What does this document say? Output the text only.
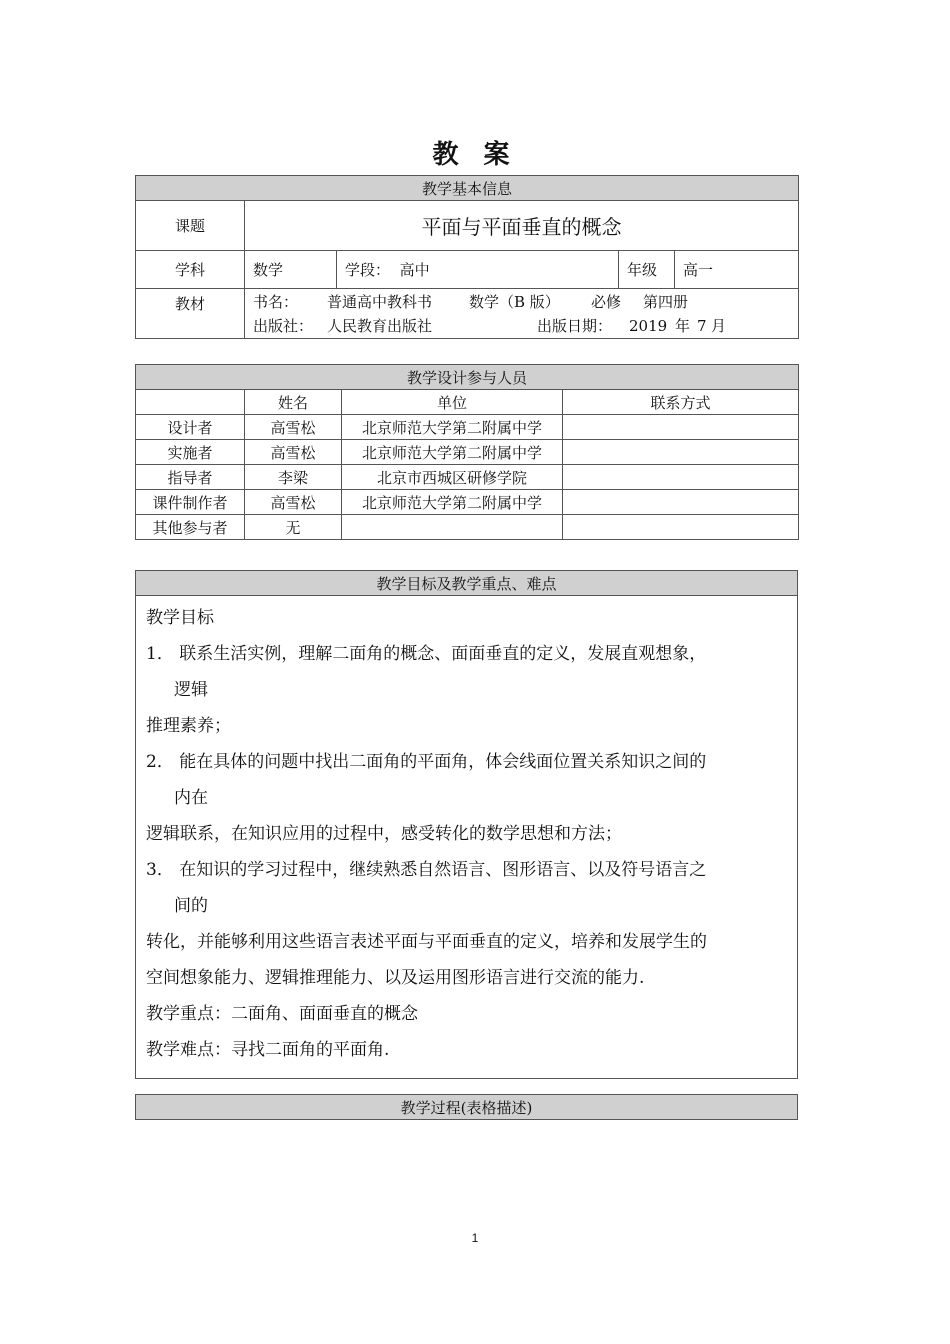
教 案
教学基本信息				
课题	平面与平面垂直的概念			
学科	数学	学段： 高中	年级	高一
教材	书名： 普通高中教科书 数学（B 版） 必修 第四册
出版社： 人民教育出版社 出版日期： 2019 年 7 月			
教学设计参与人员			
	姓名	单位	联系方式
设计者	高雪松	北京师范大学第二附属中学	
实施者	高雪松	北京师范大学第二附属中学	
指导者	李梁	北京市西城区研修学院	
课件制作者	高雪松	北京师范大学第二附属中学	
其他参与者	无		
教学目标及教学重点、难点

教学目标
1． 联系生活实例，理解二面角的概念、面面垂直的定义，发展直观想象，
逻辑
推理素养；
2． 能在具体的问题中找出二面角的平面角，体会线面位置关系知识之间的
内在
逻辑联系，在知识应用的过程中，感受转化的数学思想和方法；
3． 在知识的学习过程中，继续熟悉自然语言、图形语言、以及符号语言之
间的
转化，并能够利用这些语言表述平面与平面垂直的定义，培养和发展学生的
空间想象能力、逻辑推理能力、以及运用图形语言进行交流的能力.
教学重点：二面角、面面垂直的概念
教学难点：寻找二面角的平面角.
教学过程(表格描述)
1
